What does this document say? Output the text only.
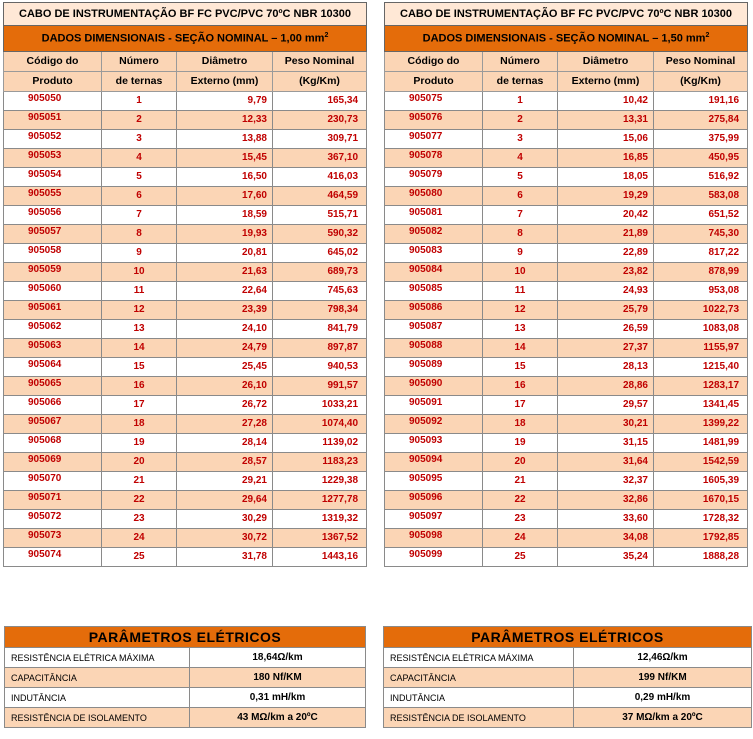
CABO DE INSTRUMENTAÇÃO BF FC PVC/PVC 70ºC NBR 10300			
DADOS DIMENSIONAIS - SEÇÃO NOMINAL – 1,00 $mm^2$
Código do	Número	Diâmetro	Peso Nominal
Produto	de ternas	Externo (mm)	(Kg/Km)
905050	1	9,79	165,34
905051	2	12,33	230,73
905052	3	13,88	309,71
905053	4	15,45	367,10
905054	5	16,50	416,03
905055	6	17,60	464,59
905056	7	18,59	515,71
905057	8	19,93	590,32
905058	9	20,81	645,02
905059	10	21,63	689,73
905060	11	22,64	745,63
905061	12	23,39	798,34
905062	13	24,10	841,79
905063	14	24,79	897,87
905064	15	25,45	940,53
905065	16	26,10	991,57
905066	17	26,72	1033,21
905067	18	27,28	1074,40
905068	19	28,14	1139,02
905069	20	28,57	1183,23
905070	21	29,21	1229,38
905071	22	29,64	1277,78
905072	23	30,29	1319,32
905073	24	30,72	1367,52
905074	25	31,78	1443,16
CABO DE INSTRUMENTAÇÃO BF FC PVC/PVC 70ºC NBR 10300			
DADOS DIMENSIONAIS - SEÇÃO NOMINAL – 1,50 $mm^2$
Código do	Número	Diâmetro	Peso Nominal
Produto	de ternas	Externo (mm)	(Kg/Km)
905075	1	10,42	191,16
905076	2	13,31	275,84
905077	3	15,06	375,99
905078	4	16,85	450,95
905079	5	18,05	516,92
905080	6	19,29	583,08
905081	7	20,42	651,52
905082	8	21,89	745,30
905083	9	22,89	817,22
905084	10	23,82	878,99
905085	11	24,93	953,08
905086	12	25,79	1022,73
905087	13	26,59	1083,08
905088	14	27,37	1155,97
905089	15	28,13	1215,40
905090	16	28,86	1283,17
905091	17	29,57	1341,45
905092	18	30,21	1399,22
905093	19	31,15	1481,99
905094	20	31,64	1542,59
905095	21	32,37	1605,39
905096	22	32,86	1670,15
905097	23	33,60	1728,32
905098	24	34,08	1792,85
905099	25	35,24	1888,28
PARÂMETROS ELÉTRICOS	
RESISTÊNCIA ELÉTRICA MÁXIMA	18,64Ω/km
CAPACITÂNCIA	180 Nf/KM
INDUTÂNCIA	0,31 mH/km
RESISTÊNCIA DE ISOLAMENTO	43 MΩ/km a 20ºC
PARÂMETROS ELÉTRICOS	
RESISTÊNCIA ELÉTRICA MÁXIMA	12,46Ω/km
CAPACITÂNCIA	199 Nf/KM
INDUTÂNCIA	0,29 mH/km
RESISTÊNCIA DE ISOLAMENTO	37 MΩ/km a 20ºC
